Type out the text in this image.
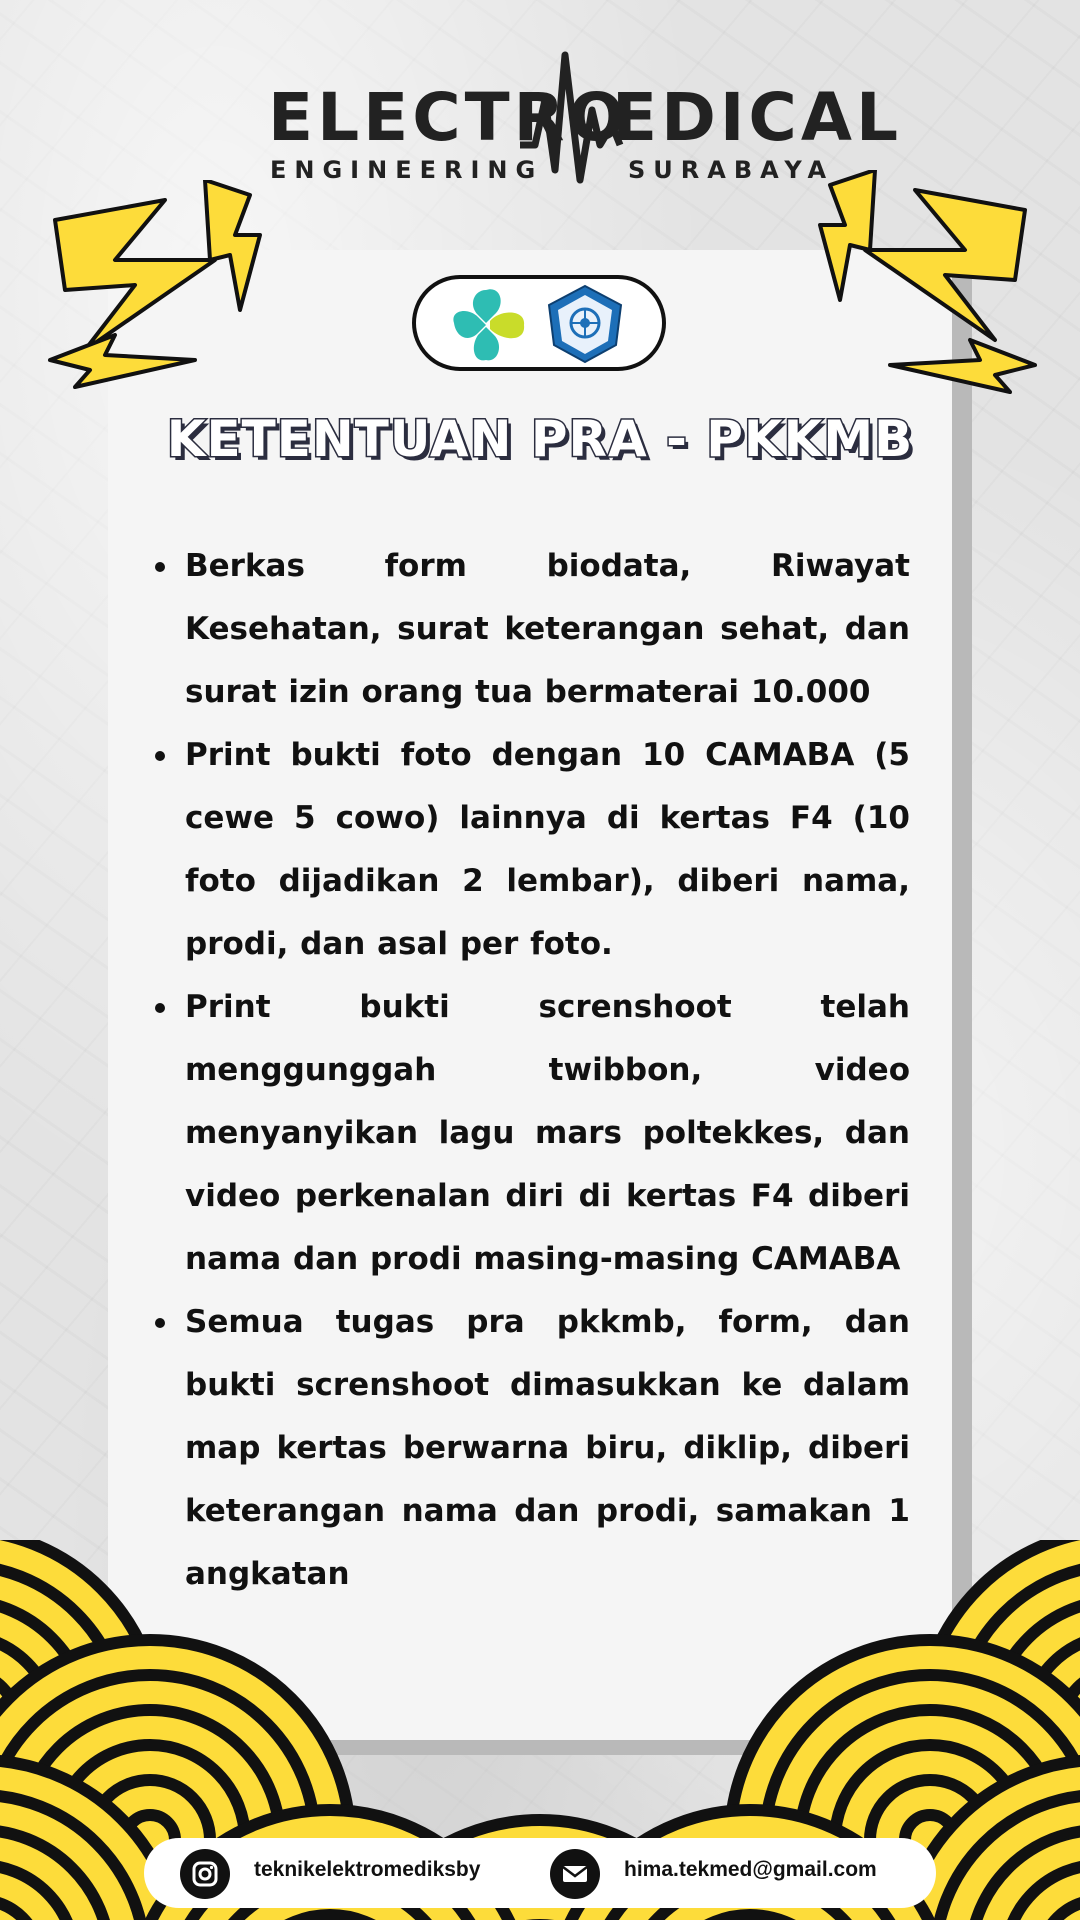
ELECTRO
EDICAL
ENGINEERING	SURABAYA
KETENTUAN PRA - PKKMB
Berkas form biodata, Riwayat Kesehatan, surat keterangan sehat, dan surat izin orang tua bermaterai 10.000
Print bukti foto dengan 10 CAMABA (5 cewe 5 cowo) lainnya di kertas F4 (10 foto dijadikan 2 lembar), diberi nama, prodi, dan asal per foto.
Print bukti screnshoot telah menggunggah twibbon, video menyanyikan lagu mars poltekkes, dan video perkenalan diri di kertas F4 diberi nama dan prodi masing-masing CAMABA
Semua tugas pra pkkmb, form, dan bukti screnshoot dimasukkan ke dalam map kertas berwarna biru, diklip, diberi keterangan nama dan prodi, samakan 1 angkatan
teknikelektromediksby	hima.tekmed@gmail.com
